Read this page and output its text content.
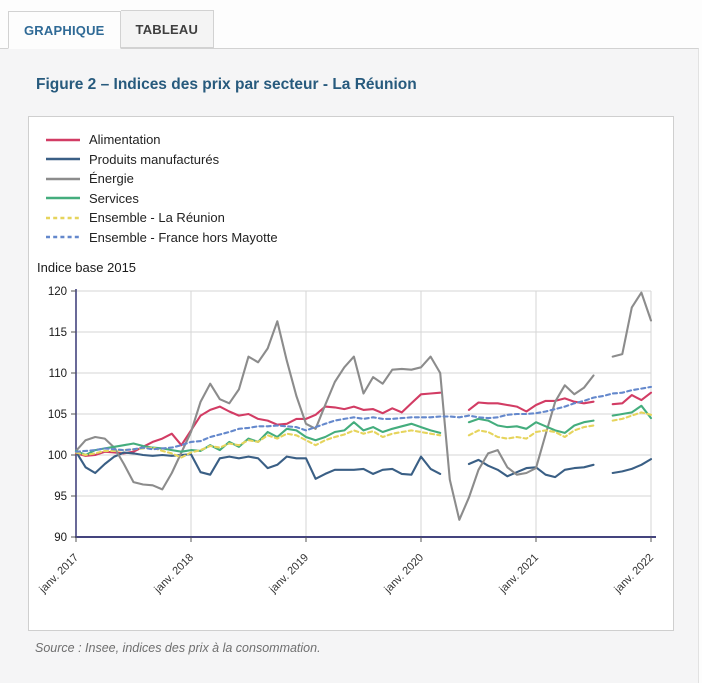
GRAPHIQUE	TABLEAU
Figure 2 – Indices des prix par secteur - La Réunion
90
95
100
105
110
115
120
janv. 2017	janv. 2018	janv. 2019	janv. 2020	janv. 2021	janv. 2022
Alimentation
Produits manufacturés
Énergie
Services
Ensemble - La Réunion
Ensemble - France hors Mayotte
Indice base 2015
Source : Insee, indices des prix à la consommation.
